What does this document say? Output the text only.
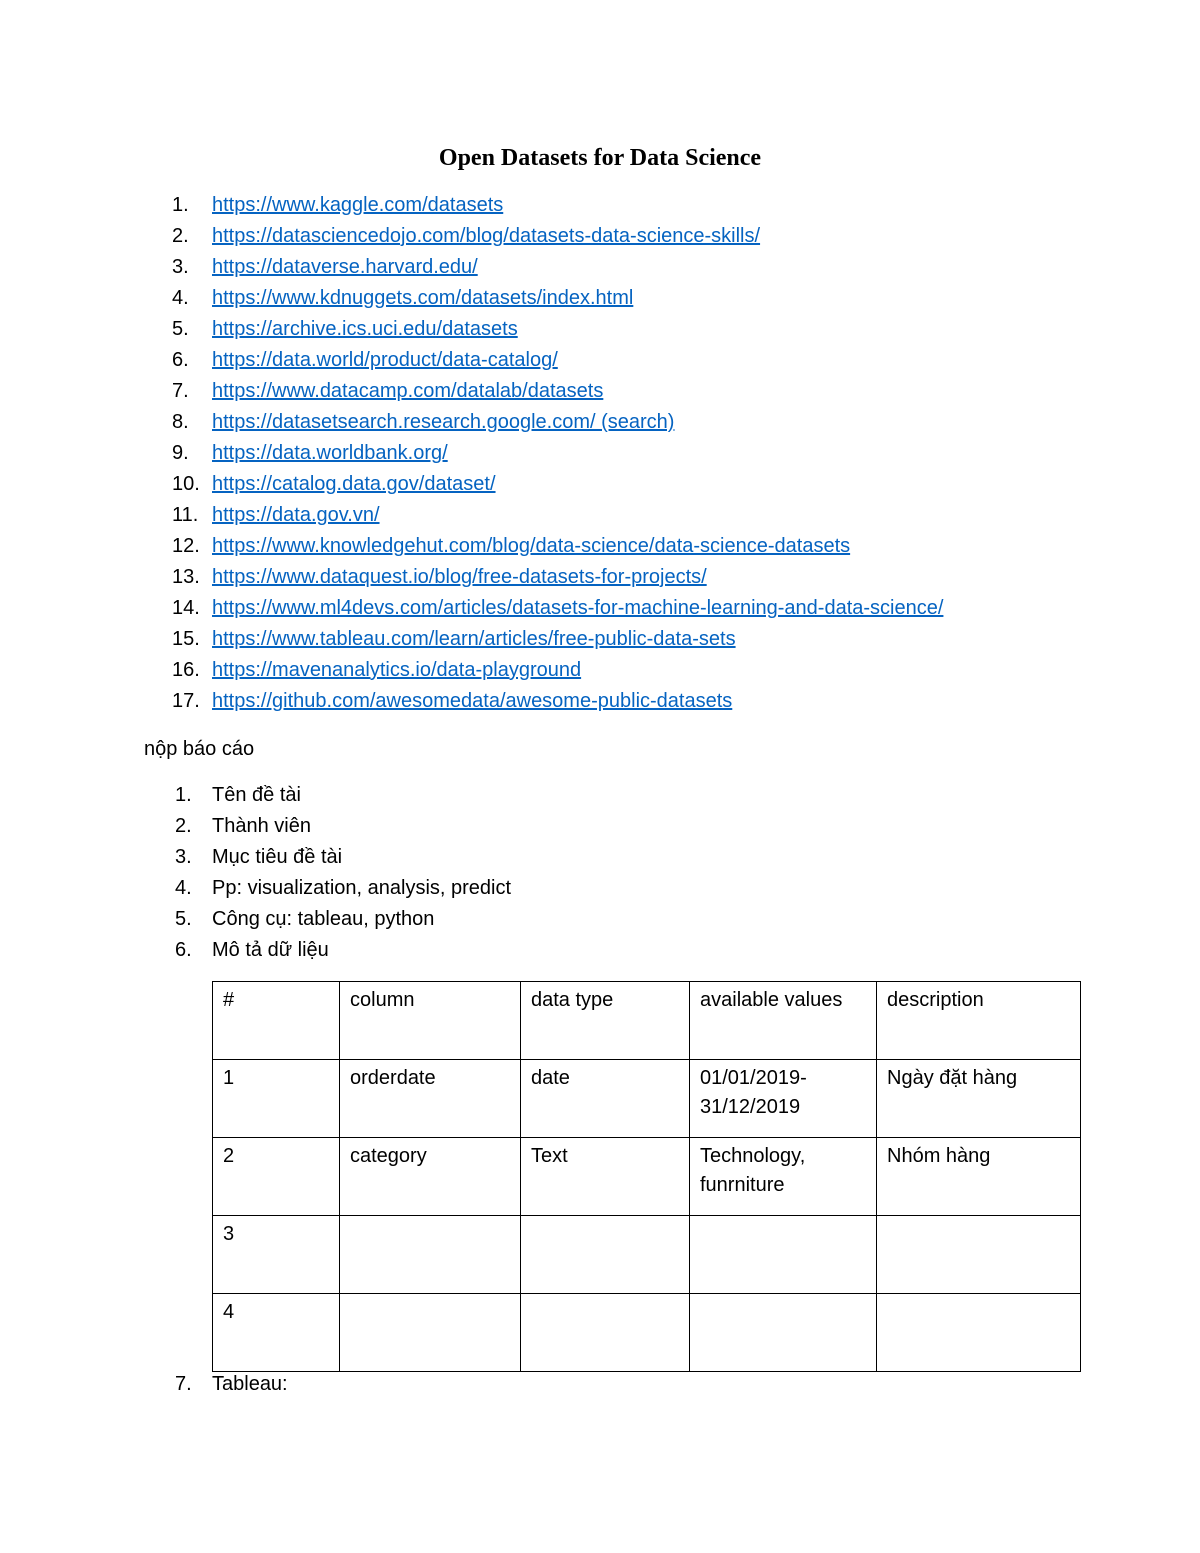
Open Datasets for Data Science
1.	https://www.kaggle.com/datasets
2.	https://datasciencedojo.com/blog/datasets-data-science-skills/
3.	https://dataverse.harvard.edu/
4.	https://www.kdnuggets.com/datasets/index.html
5.	https://archive.ics.uci.edu/datasets
6.	https://data.world/product/data-catalog/
7.	https://www.datacamp.com/datalab/datasets
8.	https://datasetsearch.research.google.com/ (search)
9.	https://data.worldbank.org/
10. https://catalog.data.gov/dataset/
11. https://data.gov.vn/
12. https://www.knowledgehut.com/blog/data-science/data-science-datasets
13. https://www.dataquest.io/blog/free-datasets-for-projects/
14. https://www.ml4devs.com/articles/datasets-for-machine-learning-and-data-science/
15. https://www.tableau.com/learn/articles/free-public-data-sets
16. https://mavenanalytics.io/data-playground
17. https://github.com/awesomedata/awesome-public-datasets

nộp báo cáo

1.	Tên đề tài
2.	Thành viên
3.	Mục tiêu đề tài
4.	Pp: visualization, analysis, predict
5.	Công cụ: tableau, python
6.	Mô tả dữ liệu
#	column	data type	available values	description
1	orderdate	date	01/01/2019-31/12/2019	Ngày đặt hàng
2	category	Text	Technology, funrniture	Nhóm hàng
3				
4				

7.	Tableau:
